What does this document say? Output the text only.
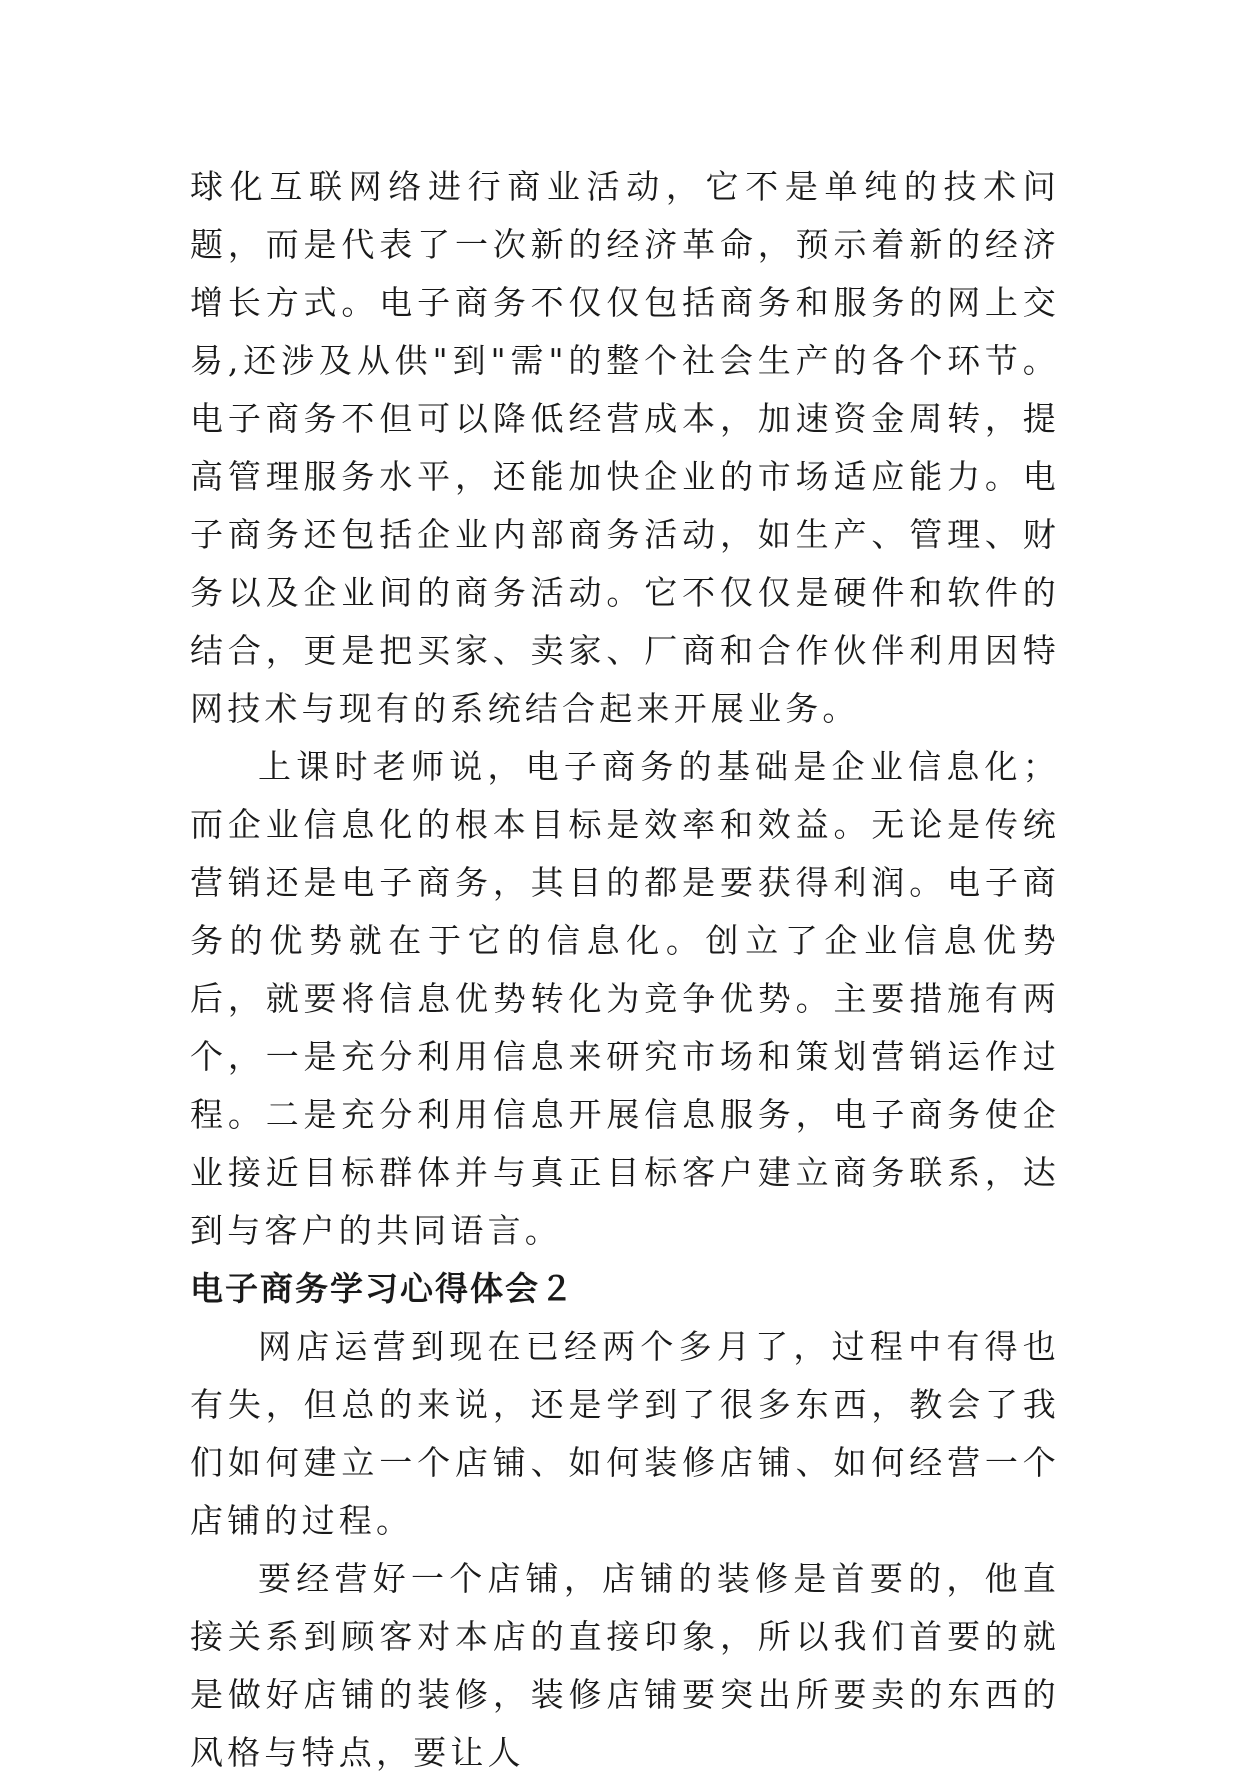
球化互联网络进行商业活动，它不是单纯的技术问题，而是代表了一次新的经济革命，预示着新的经济增长方式。电子商务不仅仅包括商务和服务的网上交易,还涉及从供"到"需"的整个社会生产的各个环节。电子商务不但可以降低经营成本，加速资金周转，提高管理服务水平，还能加快企业的市场适应能力。电子商务还包括企业内部商务活动，如生产、管理、财务以及企业间的商务活动。它不仅仅是硬件和软件的结合，更是把买家、卖家、厂商和合作伙伴利用因特网技术与现有的系统结合起来开展业务。

上课时老师说，电子商务的基础是企业信息化；而企业信息化的根本目标是效率和效益。无论是传统营销还是电子商务，其目的都是要获得利润。电子商务的优势就在于它的信息化。创立了企业信息优势后，就要将信息优势转化为竞争优势。主要措施有两个，一是充分利用信息来研究市场和策划营销运作过程。二是充分利用信息开展信息服务，电子商务使企业接近目标群体并与真正目标客户建立商务联系，达到与客户的共同语言。

电子商务学习心得体会２

网店运营到现在已经两个多月了，过程中有得也有失，但总的来说，还是学到了很多东西，教会了我们如何建立一个店铺、如何装修店铺、如何经营一个店铺的过程。

要经营好一个店铺，店铺的装修是首要的，他直接关系到顾客对本店的直接印象，所以我们首要的就是做好店铺的装修，装修店铺要突出所要卖的东西的风格与特点，要让人
